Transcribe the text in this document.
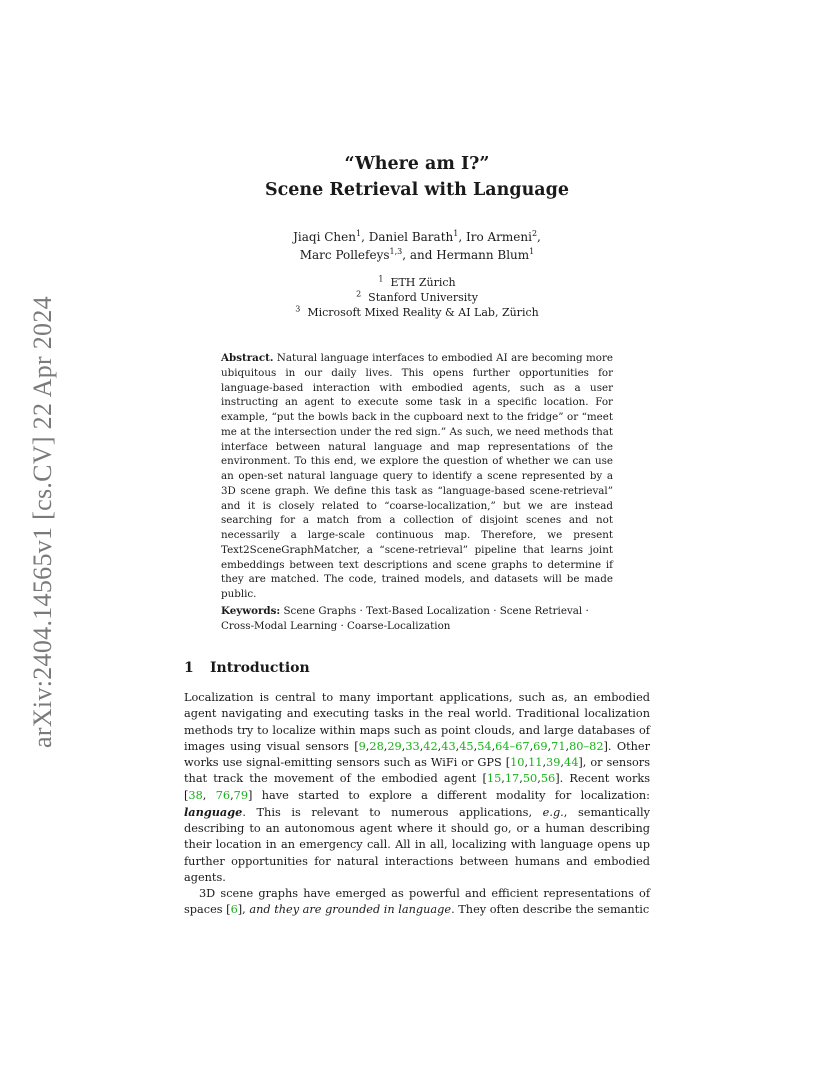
arXiv:2404.14565v1 [cs.CV] 22 Apr 2024
“Where am I?”
Scene Retrieval with Language
Jiaqi Chen$^1$, Daniel Barath$^1$, Iro Armeni$^2$,
Marc Pollefeys$^{1,3}$, and Hermann Blum$^1$
$^1$ ETH Zürich
$^2$ Stanford University
$^3$ Microsoft Mixed Reality & AI Lab, Zürich
Abstract. Natural language interfaces to embodied AI are becoming more ubiquitous in our daily lives. This opens further opportunities for language-based interaction with embodied agents, such as a user instructing an agent to execute some task in a specific location. For example, “put the bowls back in the cupboard next to the fridge” or “meet me at the intersection under the red sign.” As such, we need methods that interface between natural language and map representations of the environment. To this end, we explore the question of whether we can use an open-set natural language query to identify a scene represented by a 3D scene graph. We define this task as “language-based scene-retrieval” and it is closely related to “coarse-localization,” but we are instead searching for a match from a collection of disjoint scenes and not necessarily a large-scale continuous map. Therefore, we present Text2SceneGraphMatcher, a “scene-retrieval” pipeline that learns joint embeddings between text descriptions and scene graphs to determine if they are matched. The code, trained models, and datasets will be made public.
Keywords: Scene Graphs · Text-Based Localization · Scene Retrieval · Cross-Modal Learning · Coarse-Localization
1 Introduction

Localization is central to many important applications, such as, an embodied agent navigating and executing tasks in the real world. Traditional localization methods try to localize within maps such as point clouds, and large databases of images using visual sensors [9,28,29,33,42,43,45,54,64–67,69,71,80–82]. Other works use signal-emitting sensors such as WiFi or GPS [10,11,39,44], or sensors that track the movement of the embodied agent [15,17,50,56]. Recent works [38, 76,79] have started to explore a different modality for localization: language. This is relevant to numerous applications, e.g., semantically describing to an autonomous agent where it should go, or a human describing their location in an emergency call. All in all, localizing with language opens up further opportunities for natural interactions between humans and embodied agents.

3D scene graphs have emerged as powerful and efficient representations of spaces [6], and they are grounded in language. They often describe the semantic
